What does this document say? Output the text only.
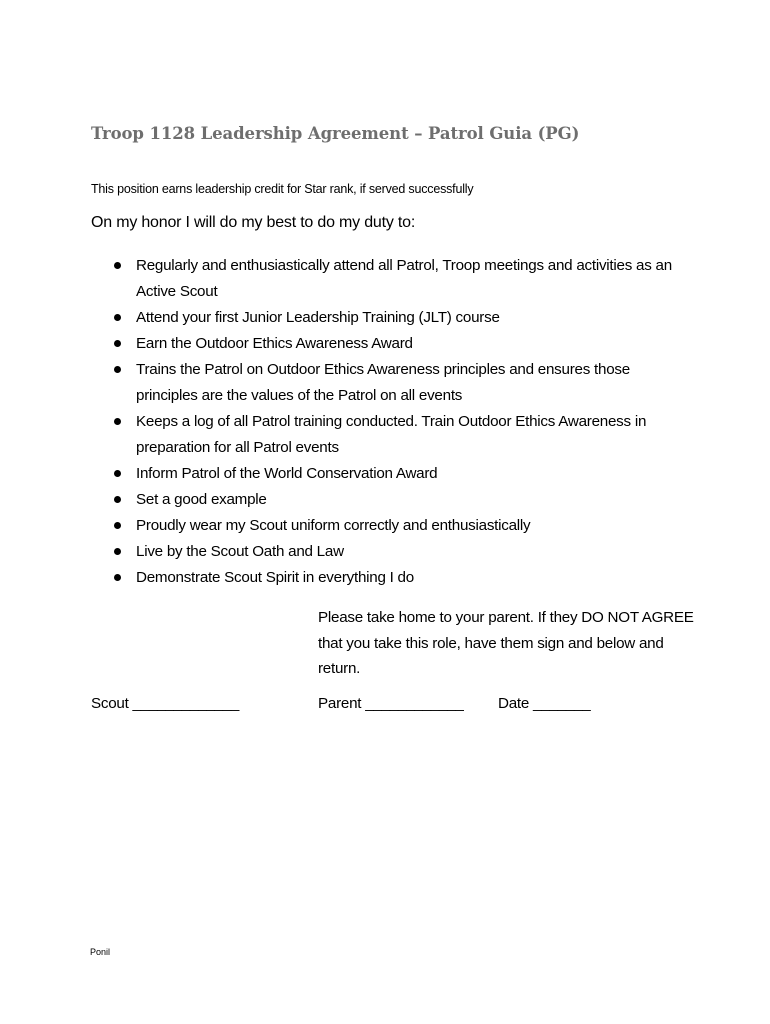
Troop 1128 Leadership Agreement – Patrol Guia (PG)
This position earns leadership credit for Star rank, if served successfully
On my honor I will do my best to do my duty to:
Regularly and enthusiastically attend all Patrol, Troop meetings and activities as an Active Scout
Attend your first Junior Leadership Training (JLT) course
Earn the Outdoor Ethics Awareness Award
Trains the Patrol on Outdoor Ethics Awareness principles and ensures those principles are the values of the Patrol on all events
Keeps a log of all Patrol training conducted. Train Outdoor Ethics Awareness in preparation for all Patrol events
Inform Patrol of the World Conservation Award
Set a good example
Proudly wear my Scout uniform correctly and enthusiastically
Live by the Scout Oath and Law
Demonstrate Scout Spirit in everything I do
Please take home to your parent. If they DO NOT AGREE that you take this role, have them sign and below and return.
Scout _____________	Parent ____________ Date _______
Ponil
